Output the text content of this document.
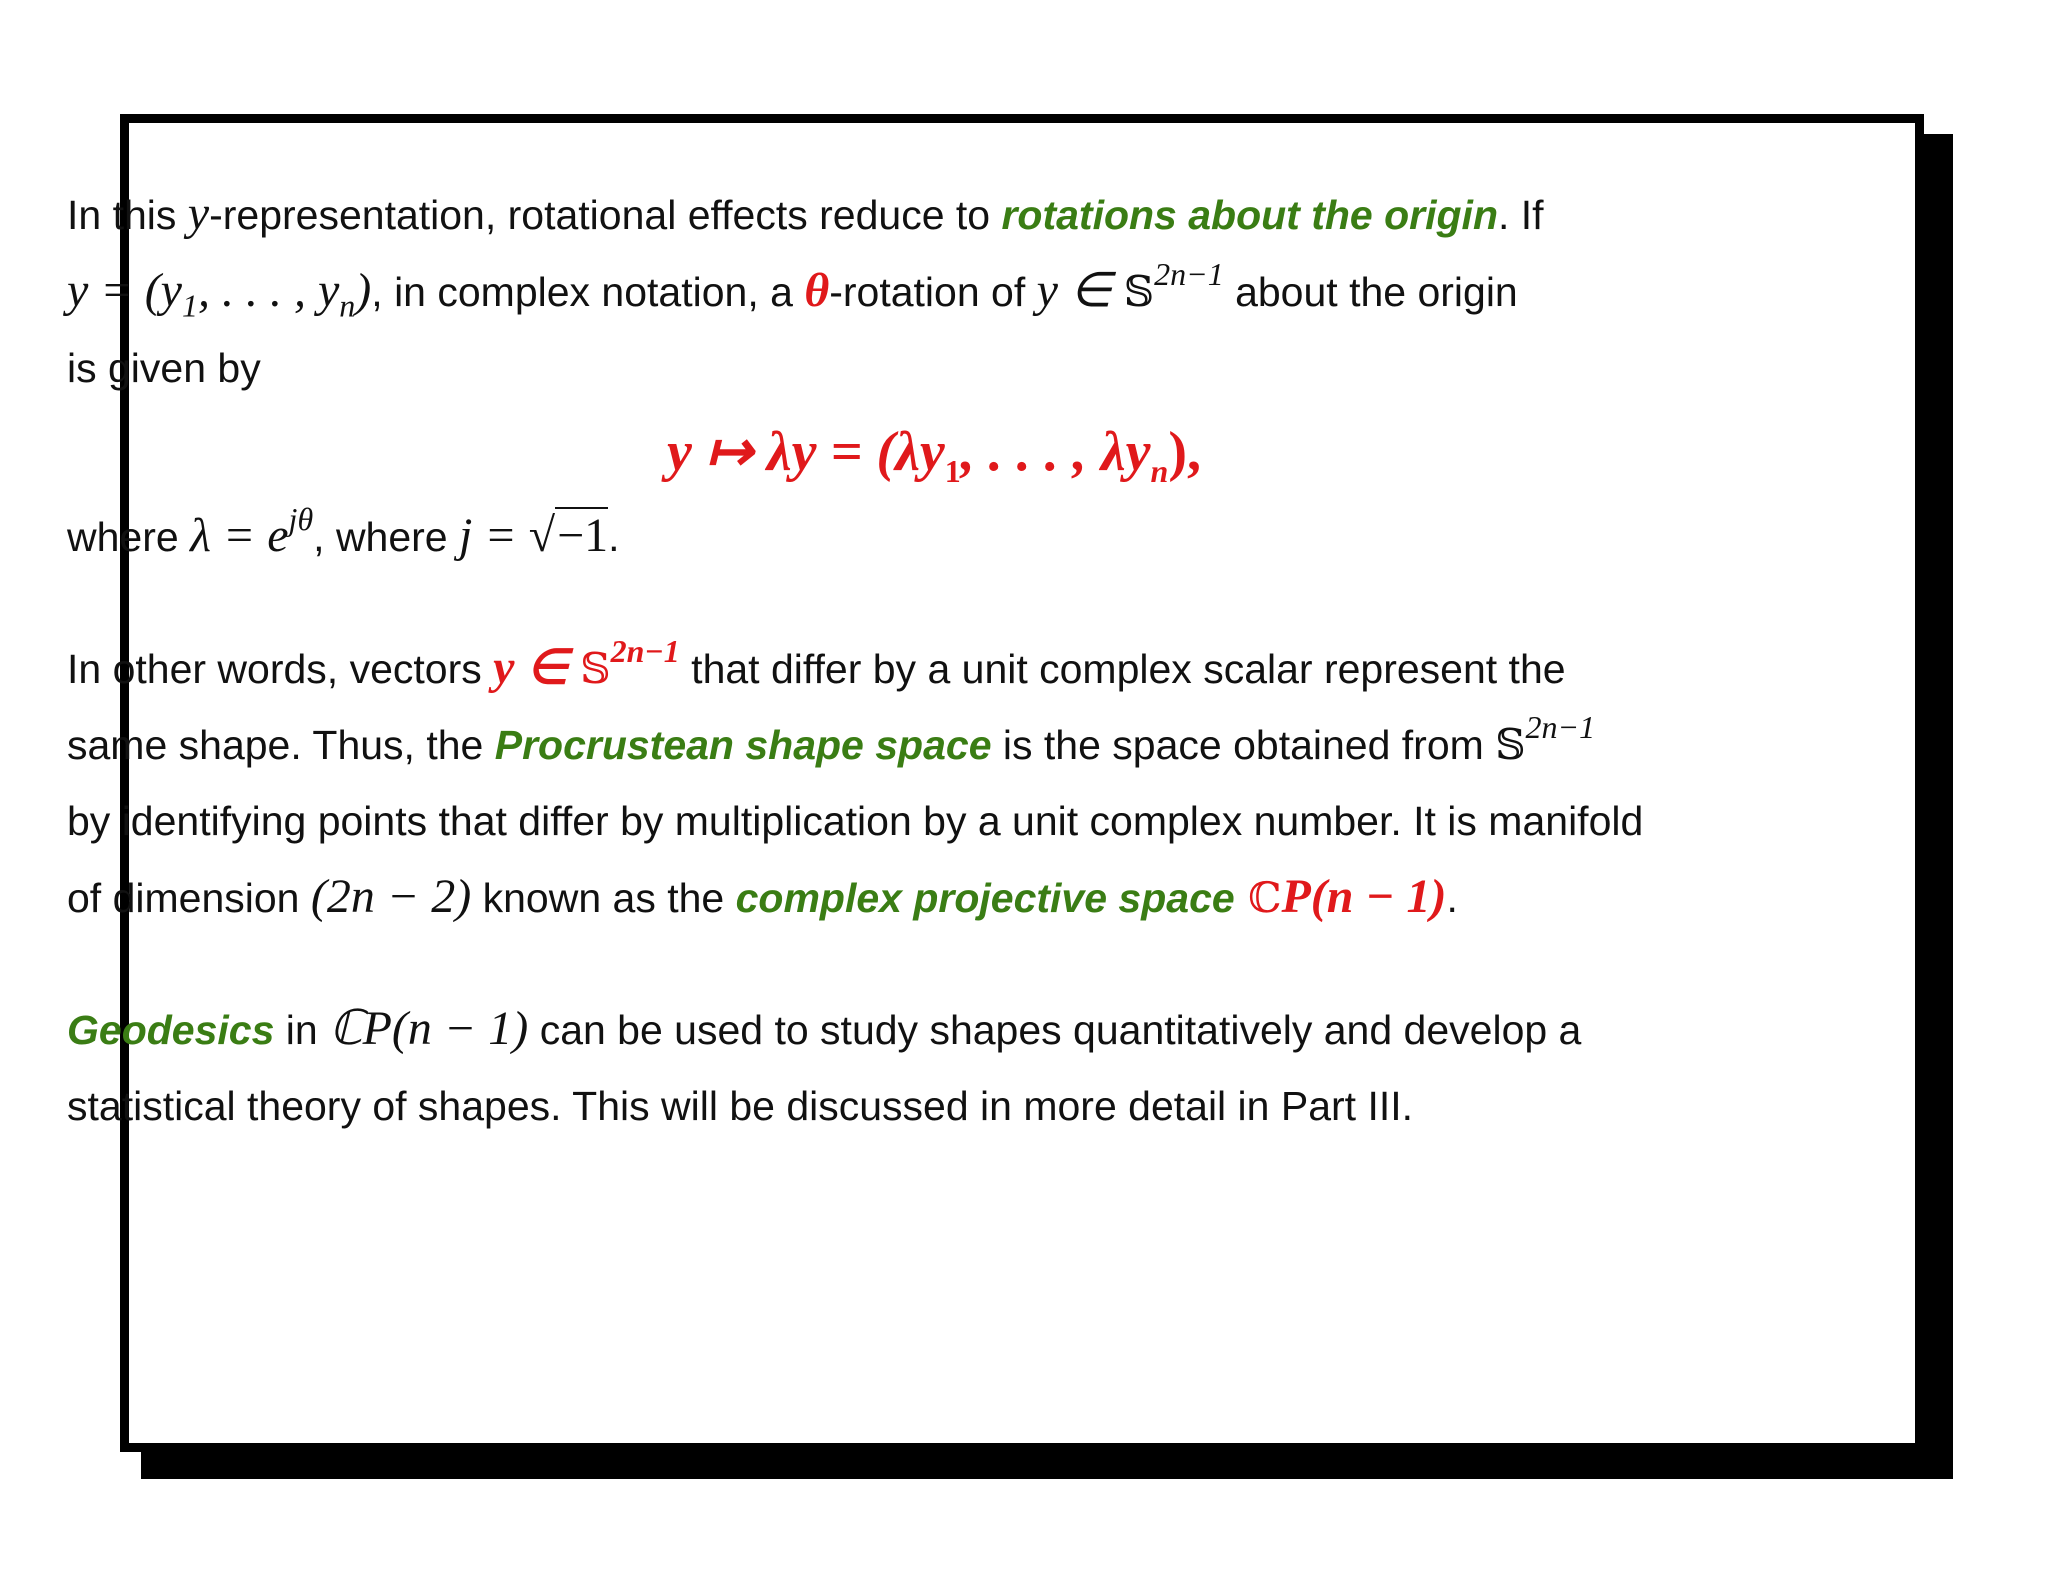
In this y-representation, rotational effects reduce to rotations about the origin. If
$y = (y_1$, . . . , $y_n$), in complex notation, a θ-rotation of y ∈ 𝕊$^{2n-1}$ about the origin
is given by

y ↦ $\lambda y = (\lambda y_1$, . . . , $\lambda y_n$),

where $\lambda = e^{j\theta}$, where j = √−1.

In other words, vectors y ∈ 𝕊$^{2n-1}$ that differ by a unit complex scalar represent the
same shape. Thus, the Procrustean shape space is the space obtained from 𝕊$^{2n-1}$
by identifying points that differ by multiplication by a unit complex number. It is manifold
of dimension (2n − 2) known as the complex projective space ℂP(n − 1).

Geodesics in ℂP(n − 1) can be used to study shapes quantitatively and develop a
statistical theory of shapes. This will be discussed in more detail in Part III.
